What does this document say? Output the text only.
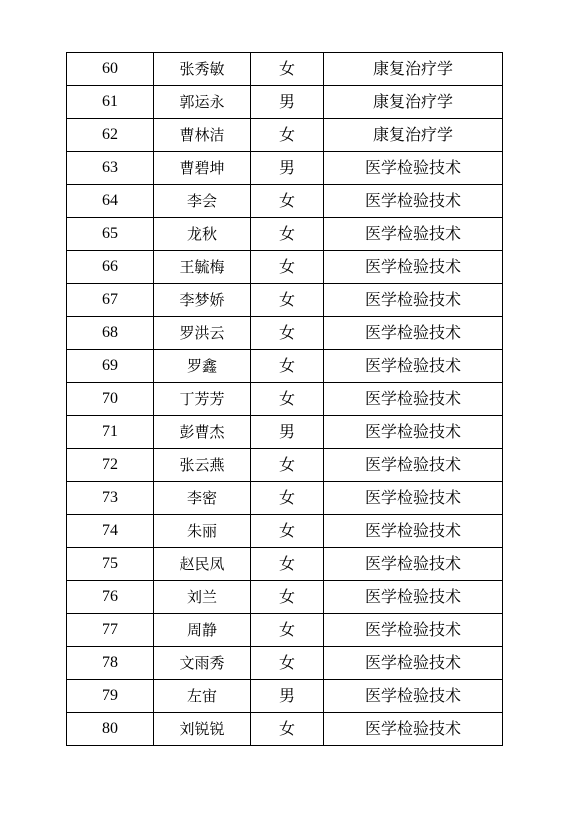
60	张秀敏	女	康复治疗学
61	郭运永	男	康复治疗学
62	曹林洁	女	康复治疗学
63	曹碧坤	男	医学检验技术
64	李会	女	医学检验技术
65	龙秋	女	医学检验技术
66	王毓梅	女	医学检验技术
67	李梦娇	女	医学检验技术
68	罗洪云	女	医学检验技术
69	罗鑫	女	医学检验技术
70	丁芳芳	女	医学检验技术
71	彭曹杰	男	医学检验技术
72	张云燕	女	医学检验技术
73	李密	女	医学检验技术
74	朱丽	女	医学检验技术
75	赵民凤	女	医学检验技术
76	刘兰	女	医学检验技术
77	周静	女	医学检验技术
78	文雨秀	女	医学检验技术
79	左宙	男	医学检验技术
80	刘锐锐	女	医学检验技术
